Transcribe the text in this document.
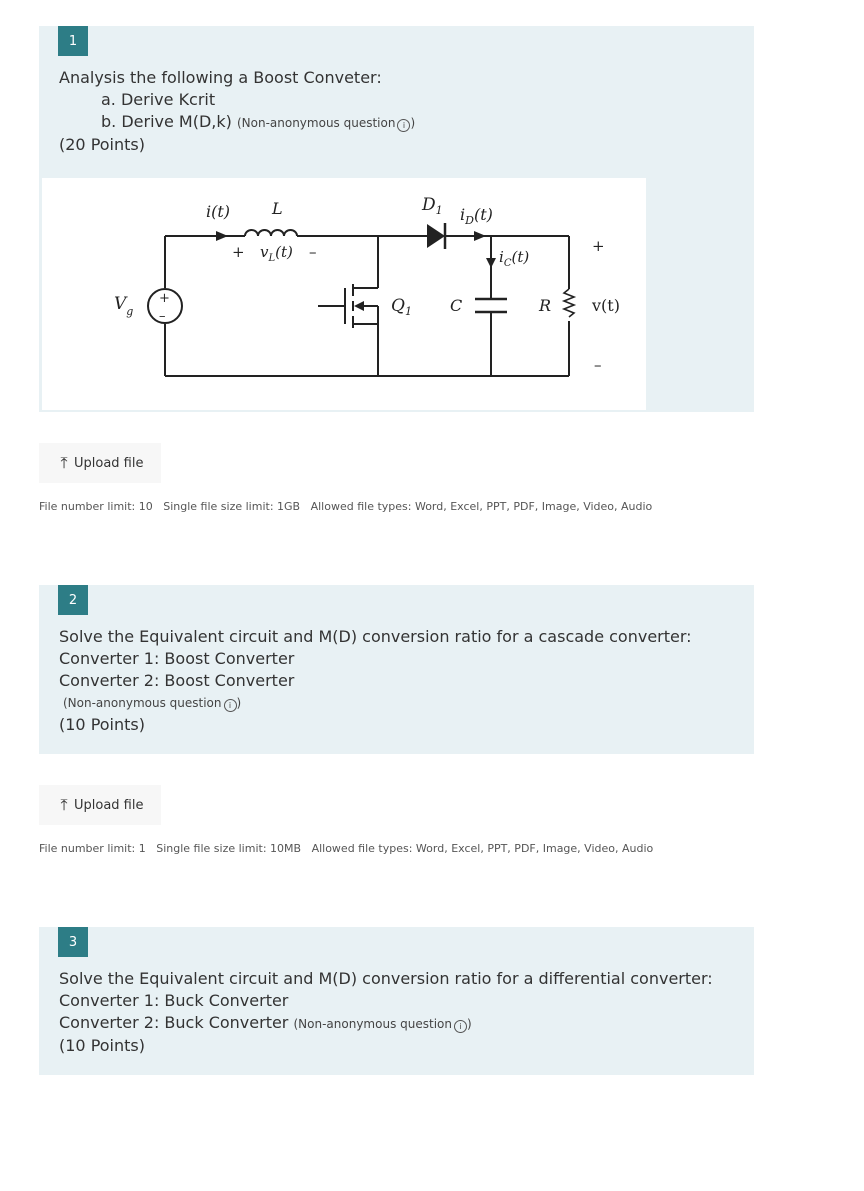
1
Analysis the following a Boost Conveter:
a. Derive Kcrit
b. Derive M(D,k) (Non-anonymous question i )
(20 Points)
i(t)	L	$D_1$ $i_D(t)$
+
+ $v_L(t)$ –	$i_C(t)$
$V_g$
+
–
$Q_1$ C	R	v(t)
–
⤒ Upload file
File number limit: 10 Single file size limit: 1GB Allowed file types: Word, Excel, PPT, PDF, Image, Video, Audio
2
Solve the Equivalent circuit and M(D) conversion ratio for a cascade converter:
Converter 1: Boost Converter
Converter 2: Boost Converter
(Non-anonymous question i )
(10 Points)
⤒ Upload file
File number limit: 1 Single file size limit: 10MB Allowed file types: Word, Excel, PPT, PDF, Image, Video, Audio
3
Solve the Equivalent circuit and M(D) conversion ratio for a differential converter:
Converter 1: Buck Converter
Converter 2: Buck Converter (Non-anonymous question i )
(10 Points)
